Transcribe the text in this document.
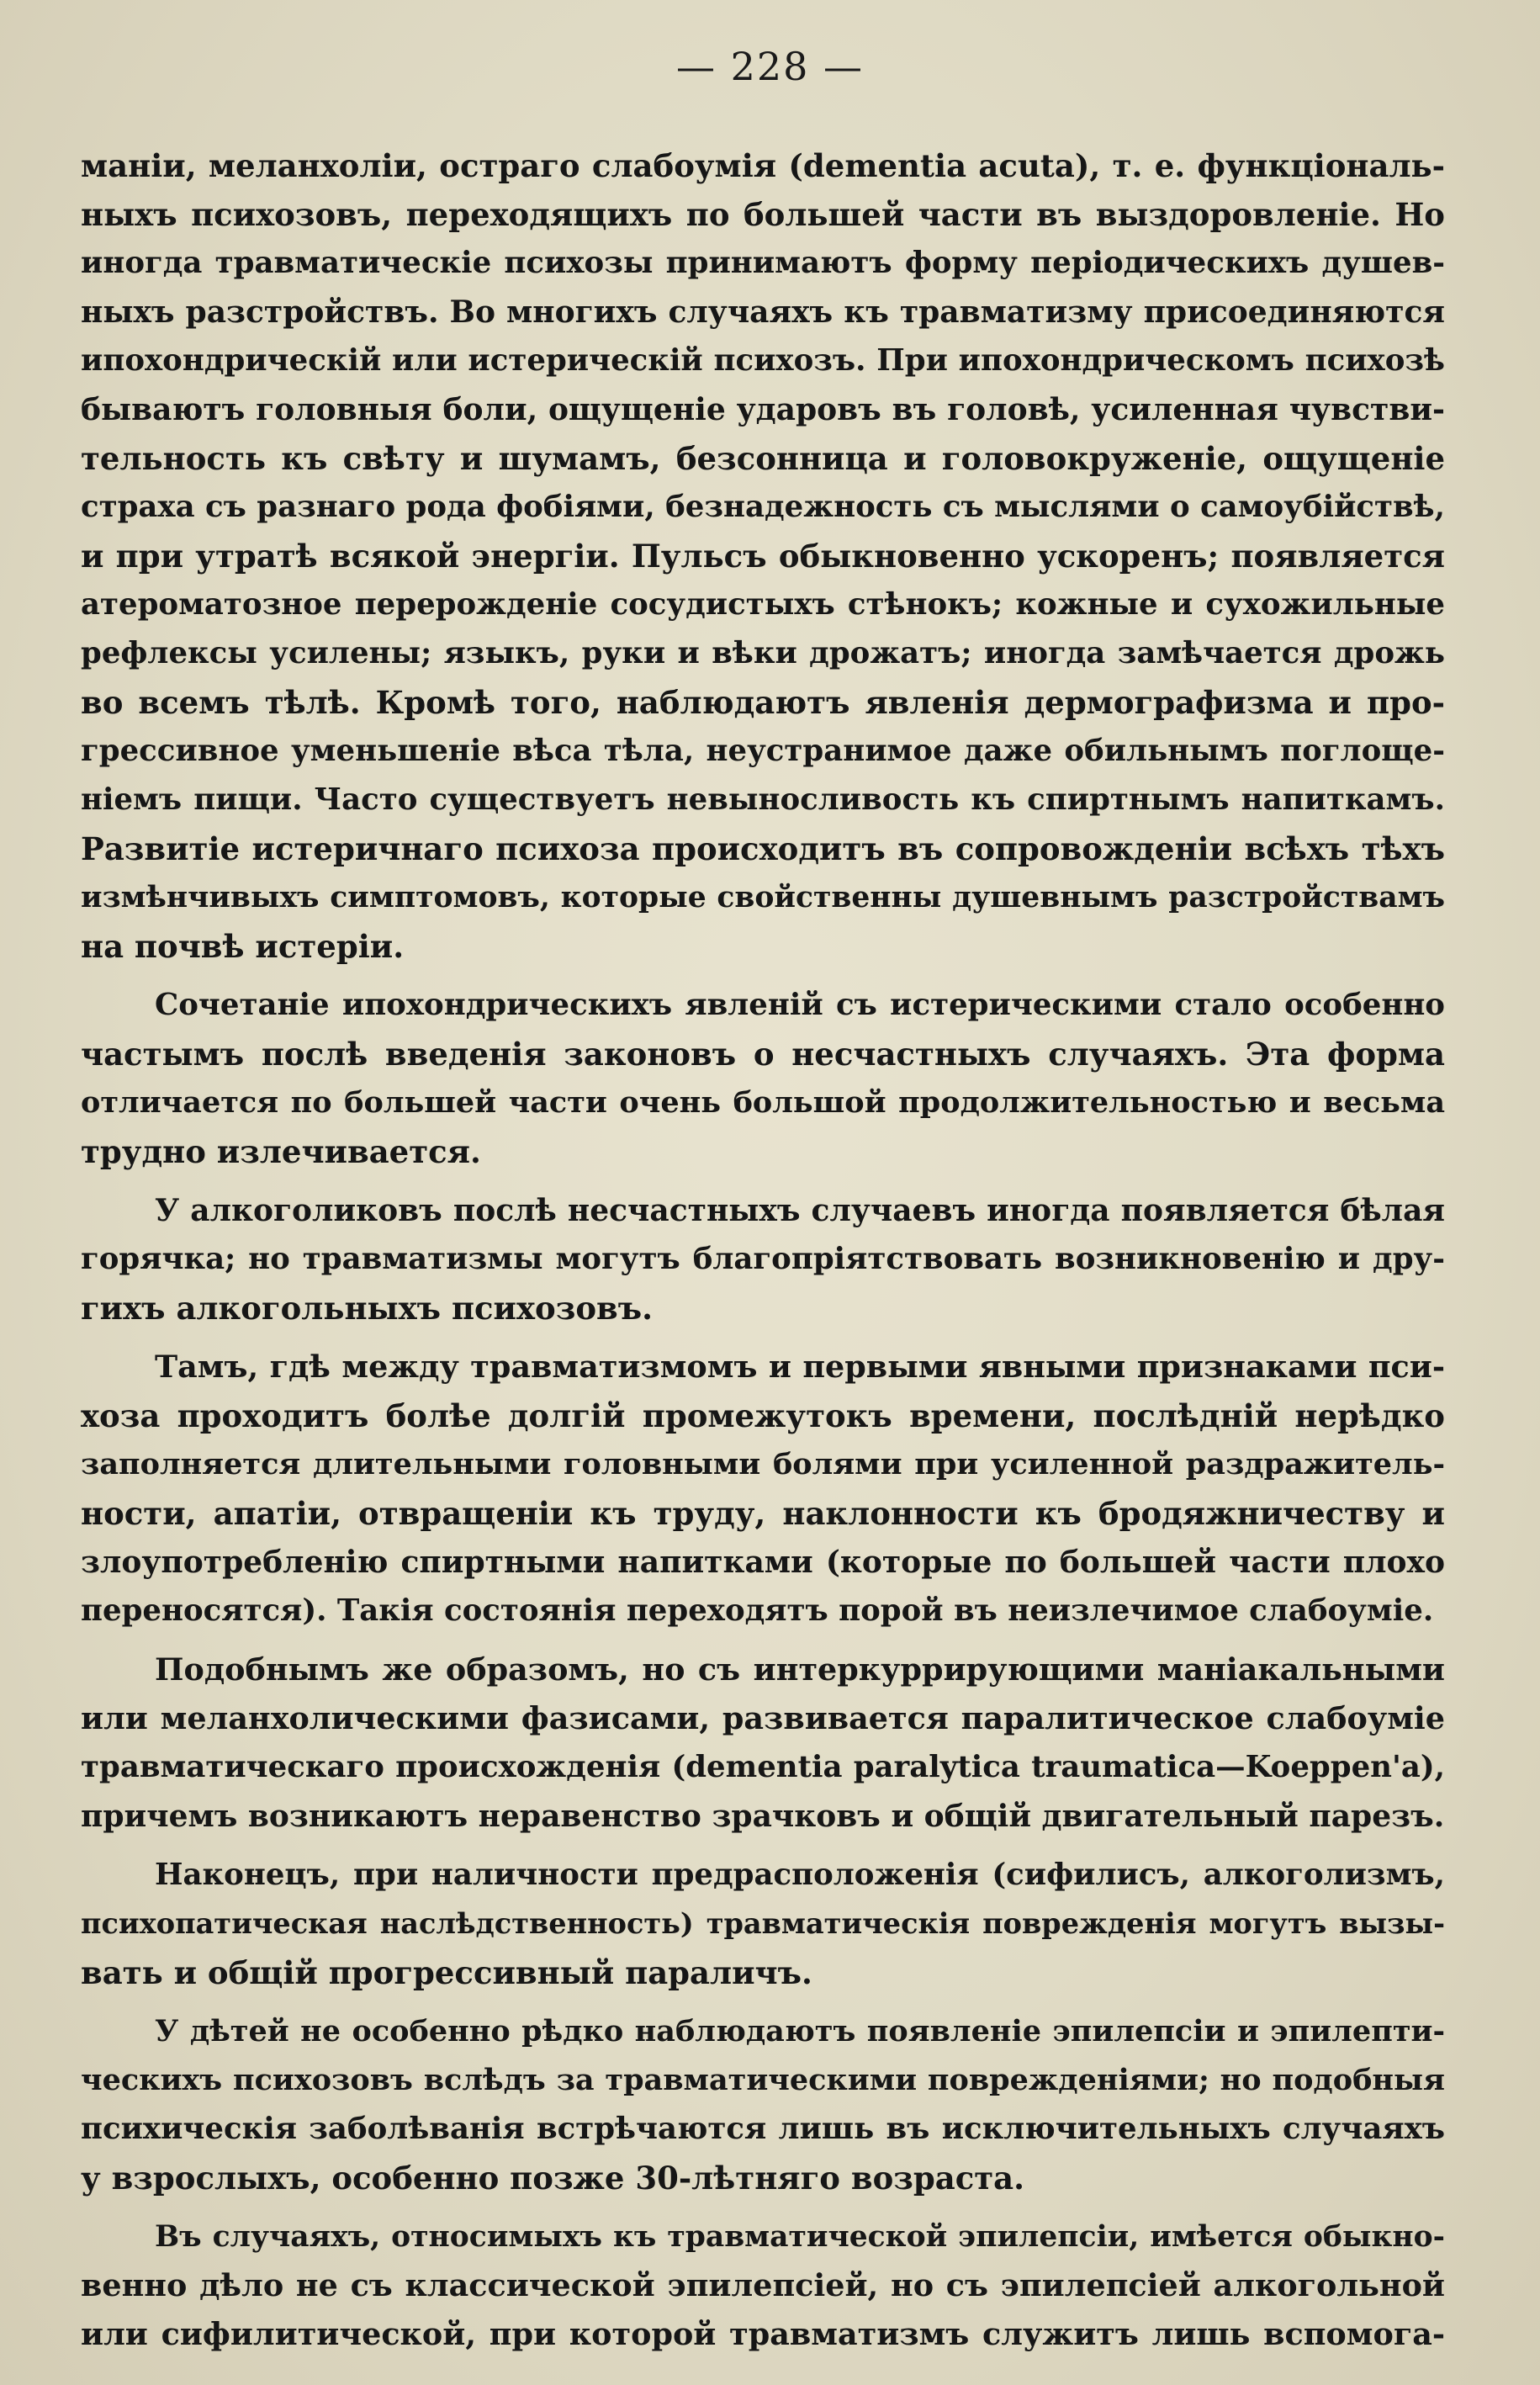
— 228 —

маніи, меланхоліи, остраго слабоумія (dementia acuta), т. е. функціональ-
ныхъ психозовъ, переходящихъ по большей части въ выздоровленіе. Но
иногда травматическіе психозы принимаютъ форму періодическихъ душев-
ныхъ разстройствъ. Во многихъ случаяхъ къ травматизму присоединяются
ипохондрическій или истерическій психозъ. При ипохондрическомъ психозѣ
бываютъ головныя боли, ощущеніе ударовъ въ головѣ, усиленная чувстви-
тельность къ свѣту и шумамъ, безсонница и головокруженіе, ощущеніе
страха съ разнаго рода фобіями, безнадежность съ мыслями о самоубійствѣ,
и при утратѣ всякой энергіи. Пульсъ обыкновенно ускоренъ; появляется
атероматозное перерожденіе сосудистыхъ стѣнокъ; кожные и сухожильные
рефлексы усилены; языкъ, руки и вѣки дрожатъ; иногда замѣчается дрожь
во всемъ тѣлѣ. Кромѣ того, наблюдаютъ явленія дермографизма и про-
грессивное уменьшеніе вѣса тѣла, неустранимое даже обильнымъ поглоще-
ніемъ пищи. Часто существуетъ невыносливость къ спиртнымъ напиткамъ.
Развитіе истеричнаго психоза происходитъ въ сопровожденіи всѣхъ тѣхъ
измѣнчивыхъ симптомовъ, которые свойственны душевнымъ разстройствамъ
на почвѣ истеріи.

Сочетаніе ипохондрическихъ явленій съ истерическими стало особенно
частымъ послѣ введенія законовъ о несчастныхъ случаяхъ. Эта форма
отличается по большей части очень большой продолжительностью и весьма
трудно излечивается.

У алкоголиковъ послѣ несчастныхъ случаевъ иногда появляется бѣлая
горячка; но травматизмы могутъ благопріятствовать возникновенію и дру-
гихъ алкогольныхъ психозовъ.

Тамъ, гдѣ между травматизмомъ и первыми явными признаками пси-
хоза проходитъ болѣе долгій промежутокъ времени, послѣдній нерѣдко
заполняется длительными головными болями при усиленной раздражитель-
ности, апатіи, отвращеніи къ труду, наклонности къ бродяжничеству и
злоупотребленію спиртными напитками (которые по большей части плохо
переносятся). Такія состоянія переходятъ порой въ неизлечимое слабоуміе.

Подобнымъ же образомъ, но съ интеркуррирующими маніакальными
или меланхолическими фазисами, развивается паралитическое слабоуміе
травматическаго происхожденія (dementia paralytica traumatica—Koeppen'a),
причемъ возникаютъ неравенство зрачковъ и общій двигательный парезъ.

Наконецъ, при наличности предрасположенія (сифилисъ, алкоголизмъ,
психопатическая наслѣдственность) травматическія поврежденія могутъ вызы-
вать и общій прогрессивный параличъ.

У дѣтей не особенно рѣдко наблюдаютъ появленіе эпилепсіи и эпилепти-
ческихъ психозовъ вслѣдъ за травматическими поврежденіями; но подобныя
психическія заболѣванія встрѣчаются лишь въ исключительныхъ случаяхъ
у взрослыхъ, особенно позже 30-лѣтняго возраста.

Въ случаяхъ, относимыхъ къ травматической эпилепсіи, имѣется обыкно-
венно дѣло не съ классической эпилепсіей, но съ эпилепсіей алкогольной
или сифилитической, при которой травматизмъ служитъ лишь вспомога-
